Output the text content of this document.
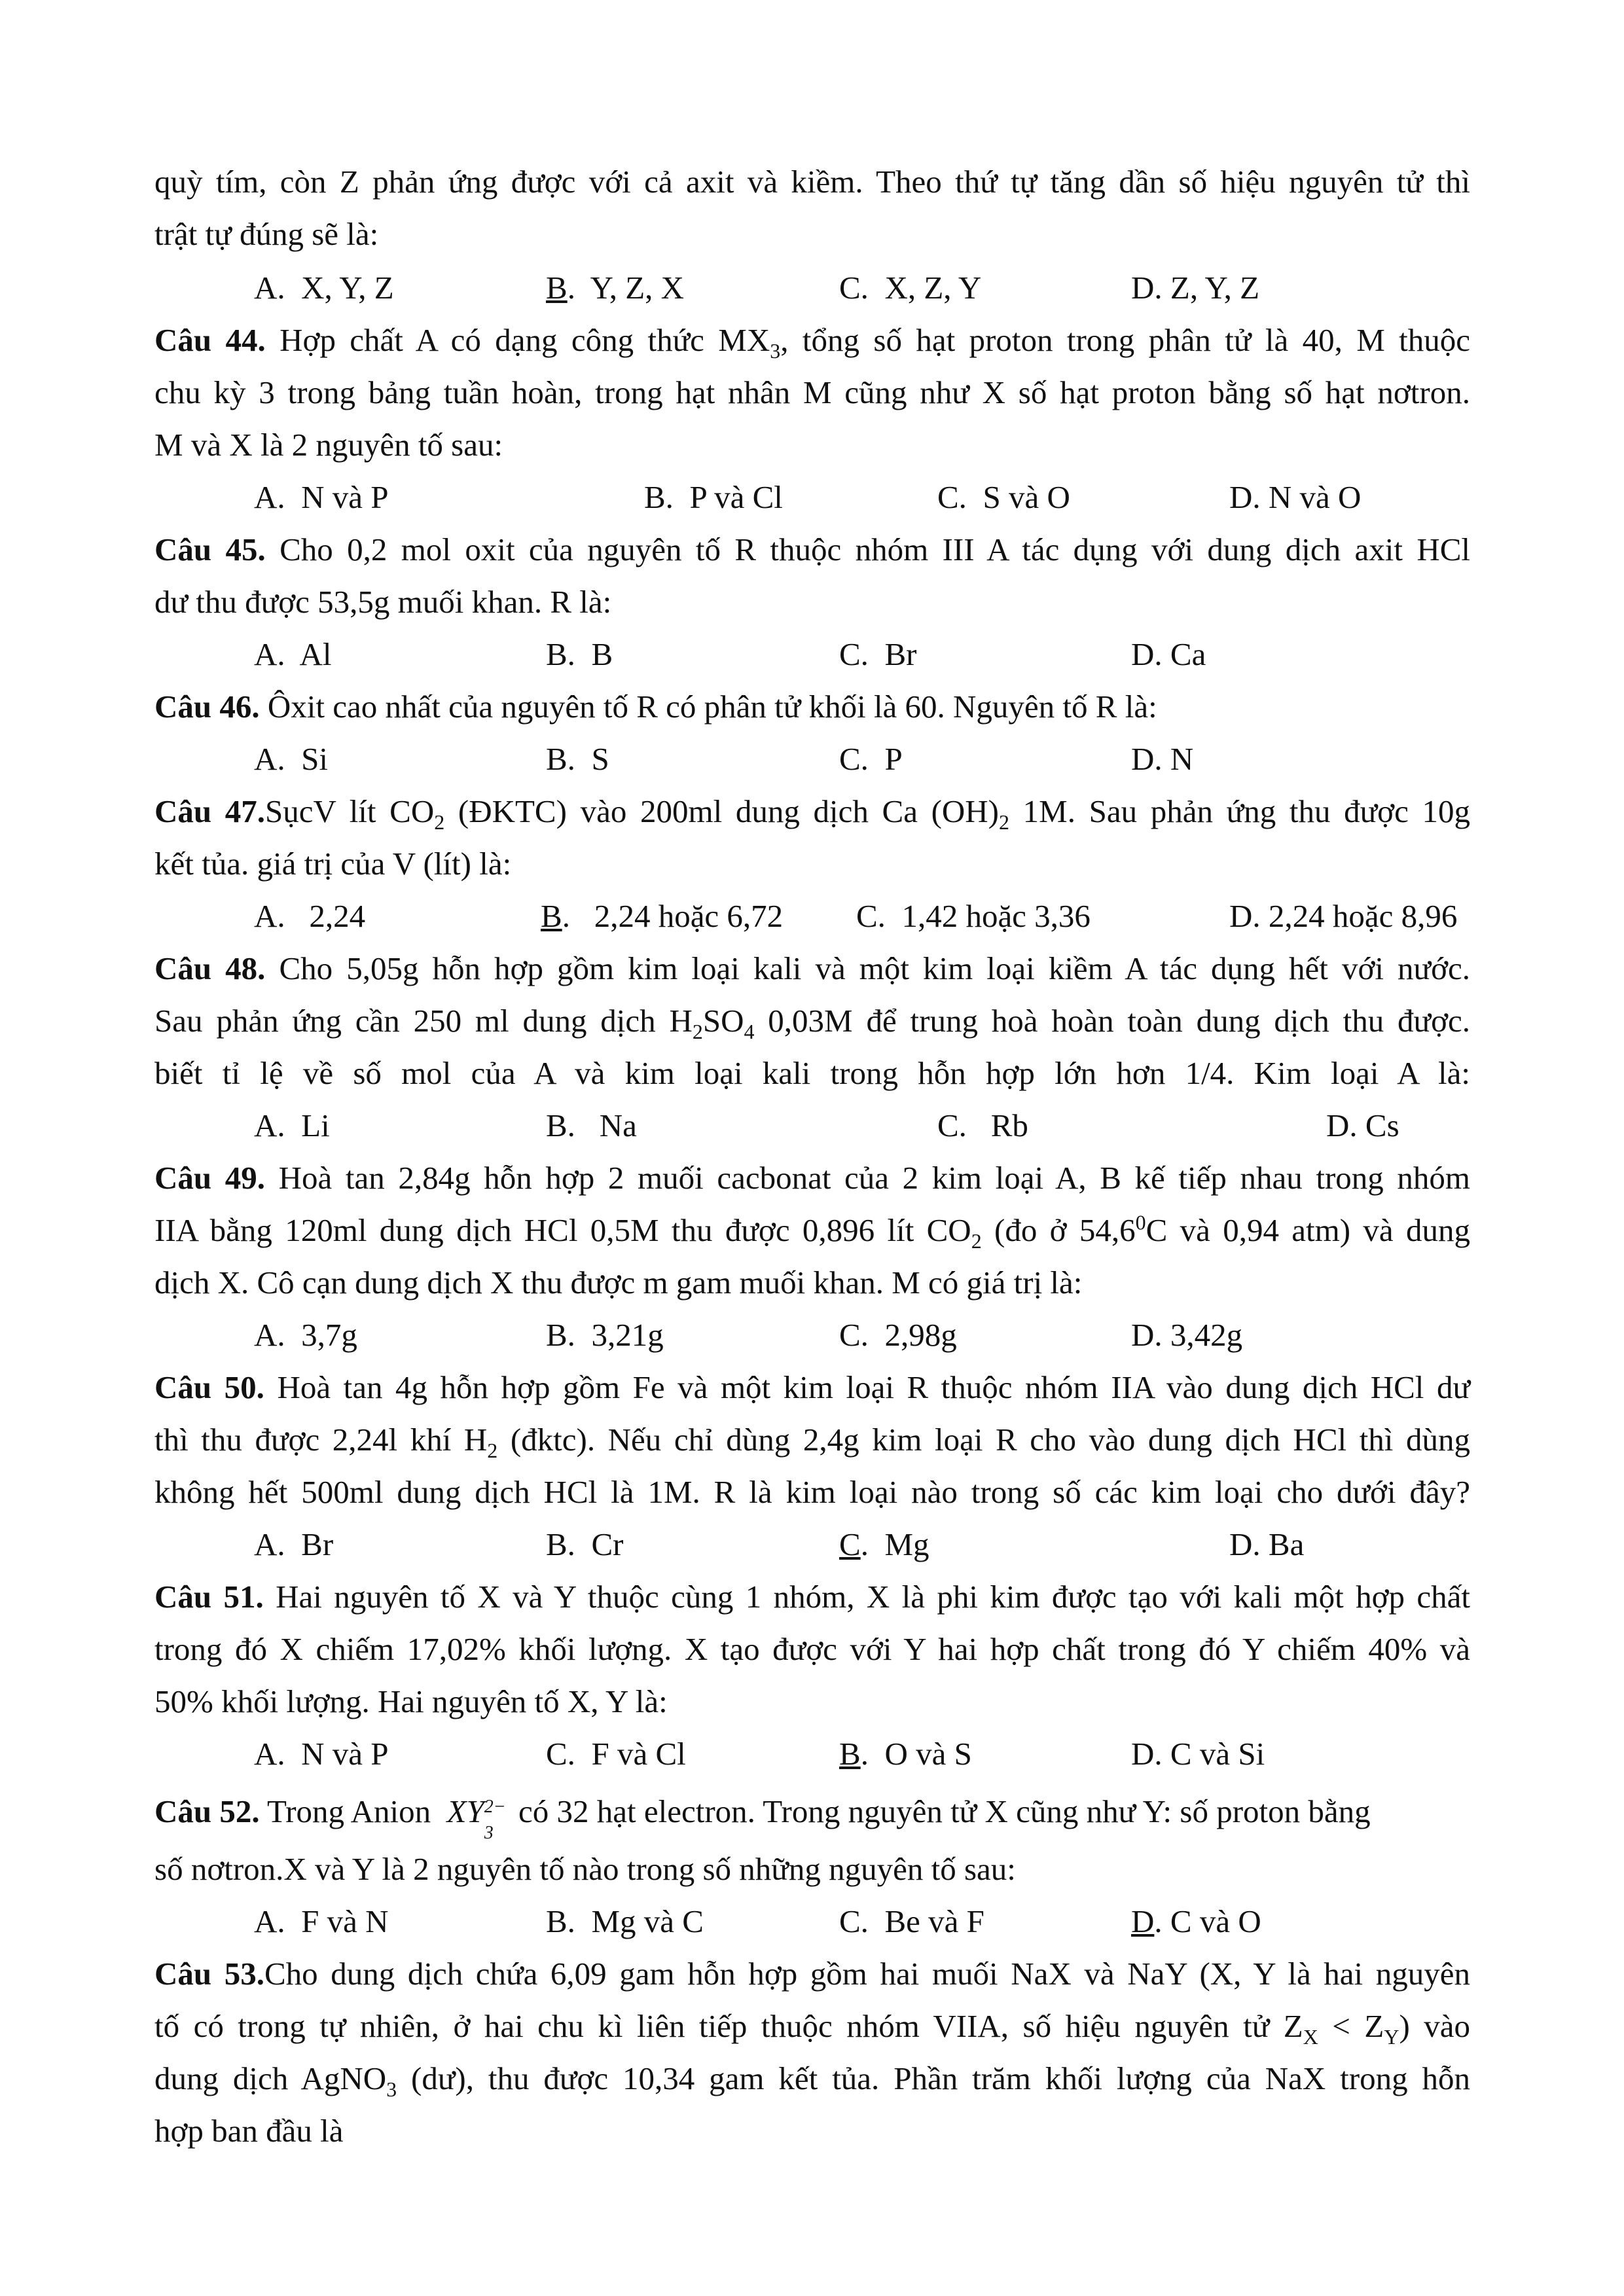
quỳ tím, còn Z phản ứng được với cả axit và kiềm. Theo thứ tự tăng dần số hiệu nguyên tử thì
trật tự đúng sẽ là:
A. X, Y, Z	B. Y, Z, X	C. X, Z, Y	D. Z, Y, Z
Câu 44. Hợp chất A có dạng công thức $MX_3$, tổng số hạt proton trong phân tử là 40, M thuộc
chu kỳ 3 trong bảng tuần hoàn, trong hạt nhân M cũng như X số hạt proton bằng số hạt nơtron.
M và X là 2 nguyên tố sau:
A. N và P	B. P và Cl	C. S và O	D. N và O
Câu 45. Cho 0,2 mol oxit của nguyên tố R thuộc nhóm III A tác dụng với dung dịch axit HCl
dư thu được 53,5g muối khan. R là:
A. Al	B. B	C. Br	D. Ca
Câu 46. Ôxit cao nhất của nguyên tố R có phân tử khối là 60. Nguyên tố R là:
A. Si	B. S	C. P	D. N
Câu 47.SụcV lít $CO_2$ (ĐKTC) vào 200ml dung dịch Ca $(OH)_2$ 1M. Sau phản ứng thu được 10g
kết tủa. giá trị của V (lít) là:
A. 2,24	B. 2,24 hoặc 6,72 C. 1,42 hoặc 3,36	D. 2,24 hoặc 8,96
Câu 48. Cho 5,05g hỗn hợp gồm kim loại kali và một kim loại kiềm A tác dụng hết với nước.
Sau phản ứng cần 250 ml dung dịch $H_2SO_4$ 0,03M để trung hoà hoàn toàn dung dịch thu được.
biết tỉ lệ về số mol của A và kim loại kali trong hỗn hợp lớn hơn 1/4. Kim loại A là:
A. Li	B. Na	C. Rb	D. Cs
Câu 49. Hoà tan 2,84g hỗn hợp 2 muối cacbonat của 2 kim loại A, B kế tiếp nhau trong nhóm
IIA bằng 120ml dung dịch HCl 0,5M thu được 0,896 lít $CO_2$ (đo ở 54,6$^0$C và 0,94 atm) và dung
dịch X. Cô cạn dung dịch X thu được m gam muối khan. M có giá trị là:
A. 3,7g	B. 3,21g	C. 2,98g	D. 3,42g
Câu 50. Hoà tan 4g hỗn hợp gồm Fe và một kim loại R thuộc nhóm IIA vào dung dịch HCl dư
thì thu được 2,24l khí $H_2$ (đktc). Nếu chỉ dùng 2,4g kim loại R cho vào dung dịch HCl thì dùng
không hết 500ml dung dịch HCl là 1M. R là kim loại nào trong số các kim loại cho dưới đây?
A. Br	B. Cr	C. Mg	D. Ba
Câu 51. Hai nguyên tố X và Y thuộc cùng 1 nhóm, X là phi kim được tạo với kali một hợp chất
trong đó X chiếm 17,02% khối lượng. X tạo được với Y hai hợp chất trong đó Y chiếm 40% và
50% khối lượng. Hai nguyên tố X, Y là:
A. N và P	C. F và Cl	B. O và S	D. C và Si
Câu 52. Trong Anion  XY 2−
3
có 32 hạt electron. Trong nguyên tử X cũng như Y: số proton bằng
số nơtron.X và Y là 2 nguyên tố nào trong số những nguyên tố sau:
A. F và N	B. Mg và C	C. Be và F	D. C và O
Câu 53.Cho dung dịch chứa 6,09 gam hỗn hợp gồm hai muối NaX và NaY (X, Y là hai nguyên
tố có trong tự nhiên, ở hai chu kì liên tiếp thuộc nhóm VIIA, số hiệu nguyên tử $Z_X < Z_Y$) vào
dung dịch AgNO$_3$ (dư), thu được 10,34 gam kết tủa. Phần trăm khối lượng của NaX trong hỗn
hợp ban đầu là
